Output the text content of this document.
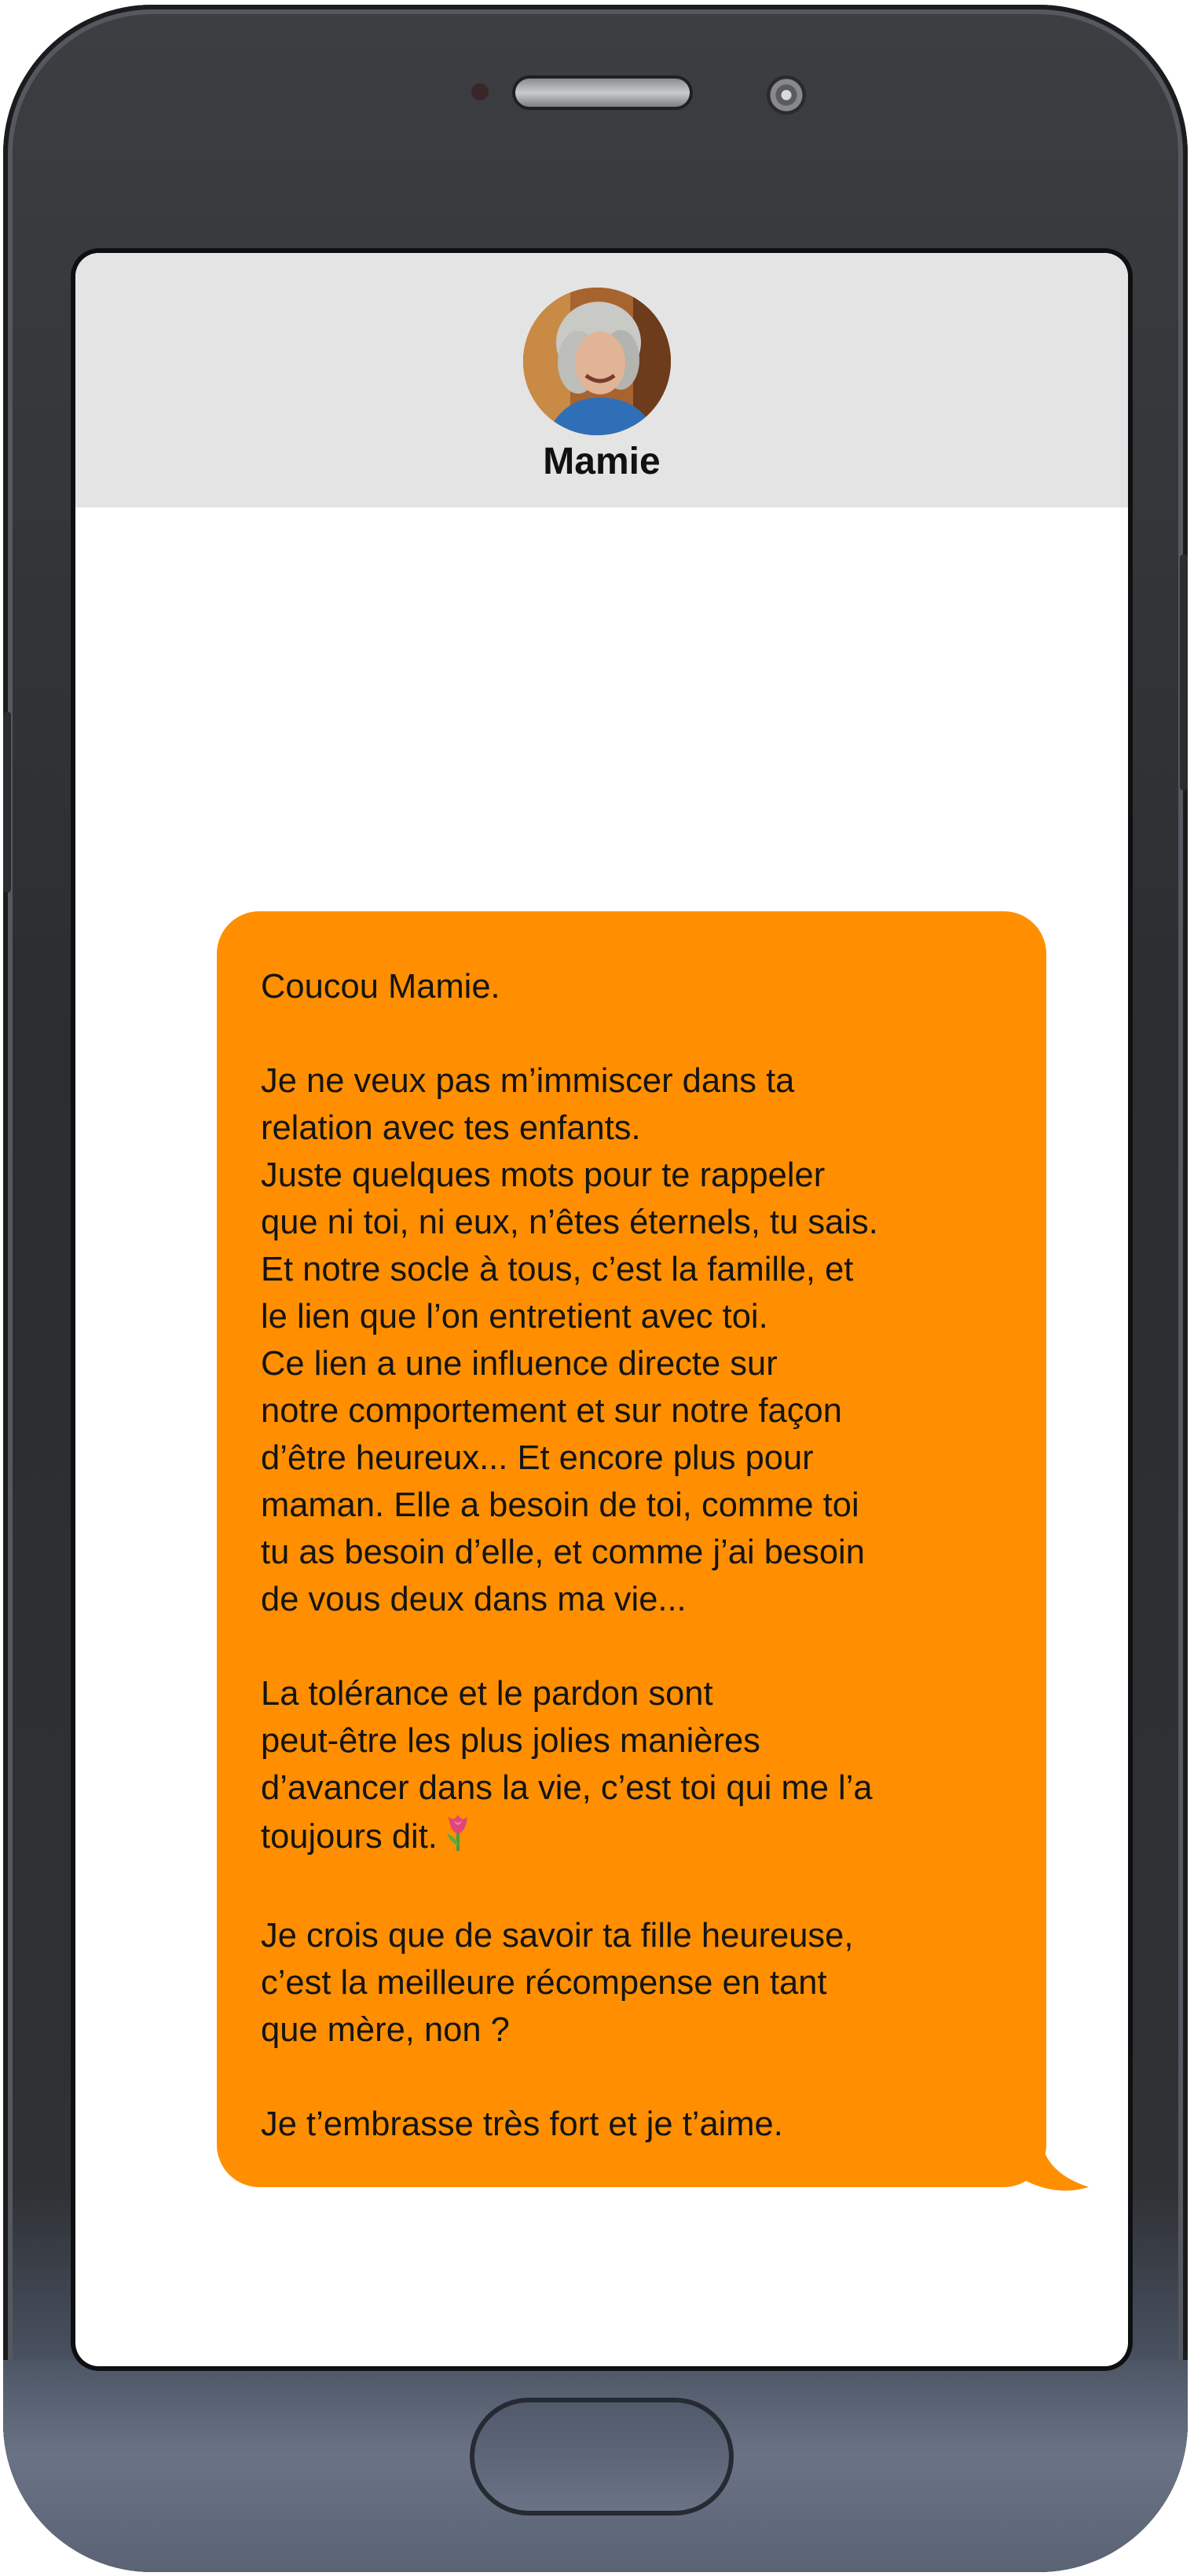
Mamie
Coucou Mamie.
Je ne veux pas m’immiscer dans ta
relation avec tes enfants.
Juste quelques mots pour te rappeler
que ni toi, ni eux, n’êtes éternels, tu sais.
Et notre socle à tous, c’est la famille, et
le lien que l’on entretient avec toi.
Ce lien a une influence directe sur
notre comportement et sur notre façon
d’être heureux... Et encore plus pour
maman. Elle a besoin de toi, comme toi
tu as besoin d’elle, et comme j’ai besoin
de vous deux dans ma vie...
La tolérance et le pardon sont
peut-être les plus jolies manières
d’avancer dans la vie, c’est toi qui me l’a
toujours dit.
Je crois que de savoir ta fille heureuse,
c’est la meilleure récompense en tant
que mère, non ?
Je t’embrasse très fort et je t’aime.
